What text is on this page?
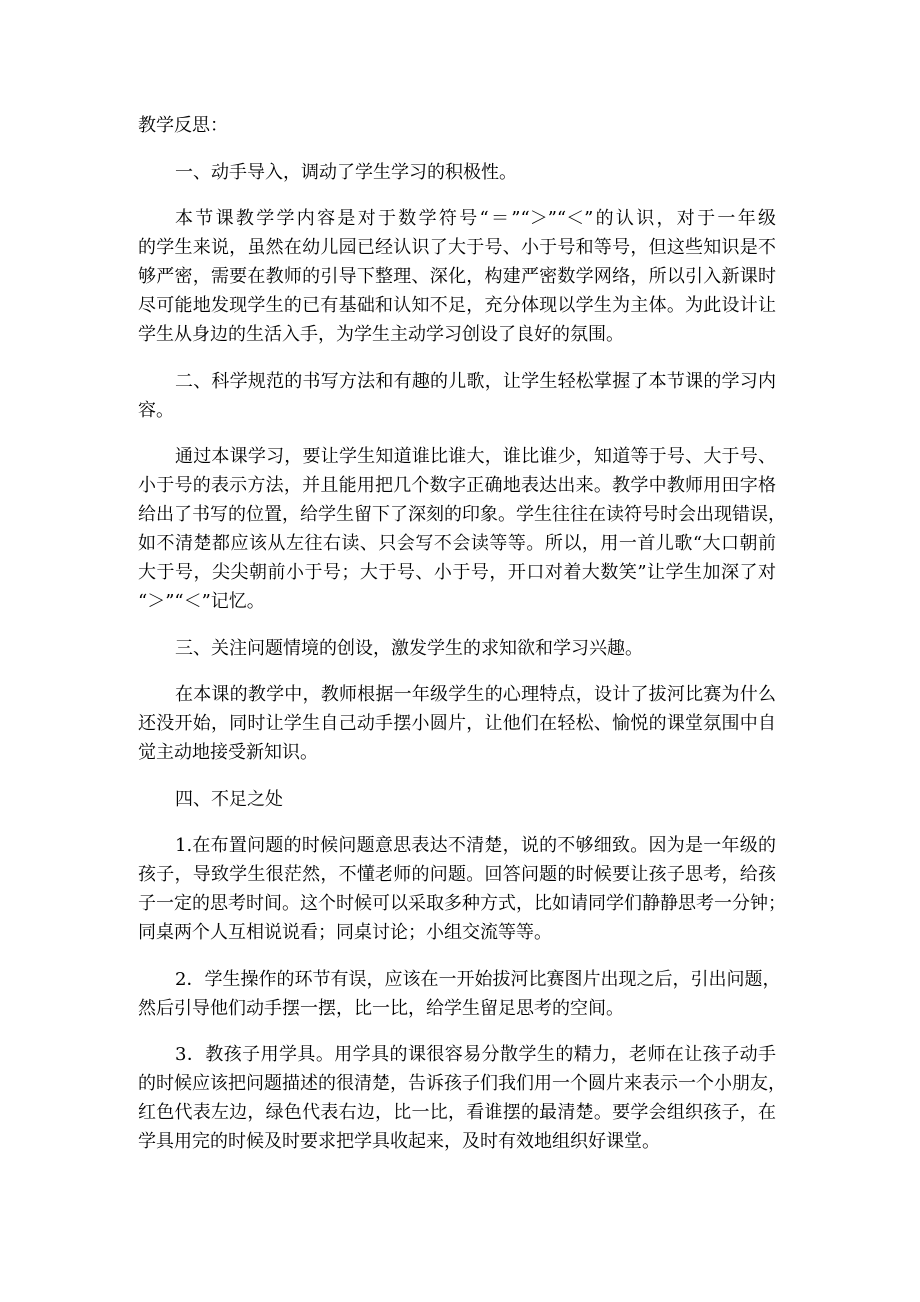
教学反思：
一、动手导入，调动了学生学习的积极性。
本节课教学学内容是对于数学符号“＝”“＞”“＜”的认识，对于一年级
的学生来说，虽然在幼儿园已经认识了大于号、小于号和等号，但这些知识是不
够严密，需要在教师的引导下整理、深化，构建严密数学网络，所以引入新课时
尽可能地发现学生的已有基础和认知不足，充分体现以学生为主体。为此设计让
学生从身边的生活入手，为学生主动学习创设了良好的氛围。
二、科学规范的书写方法和有趣的儿歌，让学生轻松掌握了本节课的学习内
容。
通过本课学习，要让学生知道谁比谁大，谁比谁少，知道等于号、大于号、
小于号的表示方法，并且能用把几个数字正确地表达出来。教学中教师用田字格
给出了书写的位置，给学生留下了深刻的印象。学生往往在读符号时会出现错误，
如不清楚都应该从左往右读、只会写不会读等等。所以，用一首儿歌“大口朝前
大于号，尖尖朝前小于号；大于号、小于号，开口对着大数笑”让学生加深了对
“＞”“＜”记忆。
三、关注问题情境的创设，激发学生的求知欲和学习兴趣。
在本课的教学中，教师根据一年级学生的心理特点，设计了拔河比赛为什么
还没开始，同时让学生自己动手摆小圆片，让他们在轻松、愉悦的课堂氛围中自
觉主动地接受新知识。
四、不足之处
1.在布置问题的时候问题意思表达不清楚，说的不够细致。因为是一年级的
孩子，导致学生很茫然，不懂老师的问题。回答问题的时候要让孩子思考，给孩
子一定的思考时间。这个时候可以采取多种方式，比如请同学们静静思考一分钟；
同桌两个人互相说说看；同桌讨论；小组交流等等。
2．学生操作的环节有误，应该在一开始拔河比赛图片出现之后，引出问题，
然后引导他们动手摆一摆，比一比，给学生留足思考的空间。
3．教孩子用学具。用学具的课很容易分散学生的精力，老师在让孩子动手
的时候应该把问题描述的很清楚，告诉孩子们我们用一个圆片来表示一个小朋友，
红色代表左边，绿色代表右边，比一比，看谁摆的最清楚。要学会组织孩子，在
学具用完的时候及时要求把学具收起来，及时有效地组织好课堂。
